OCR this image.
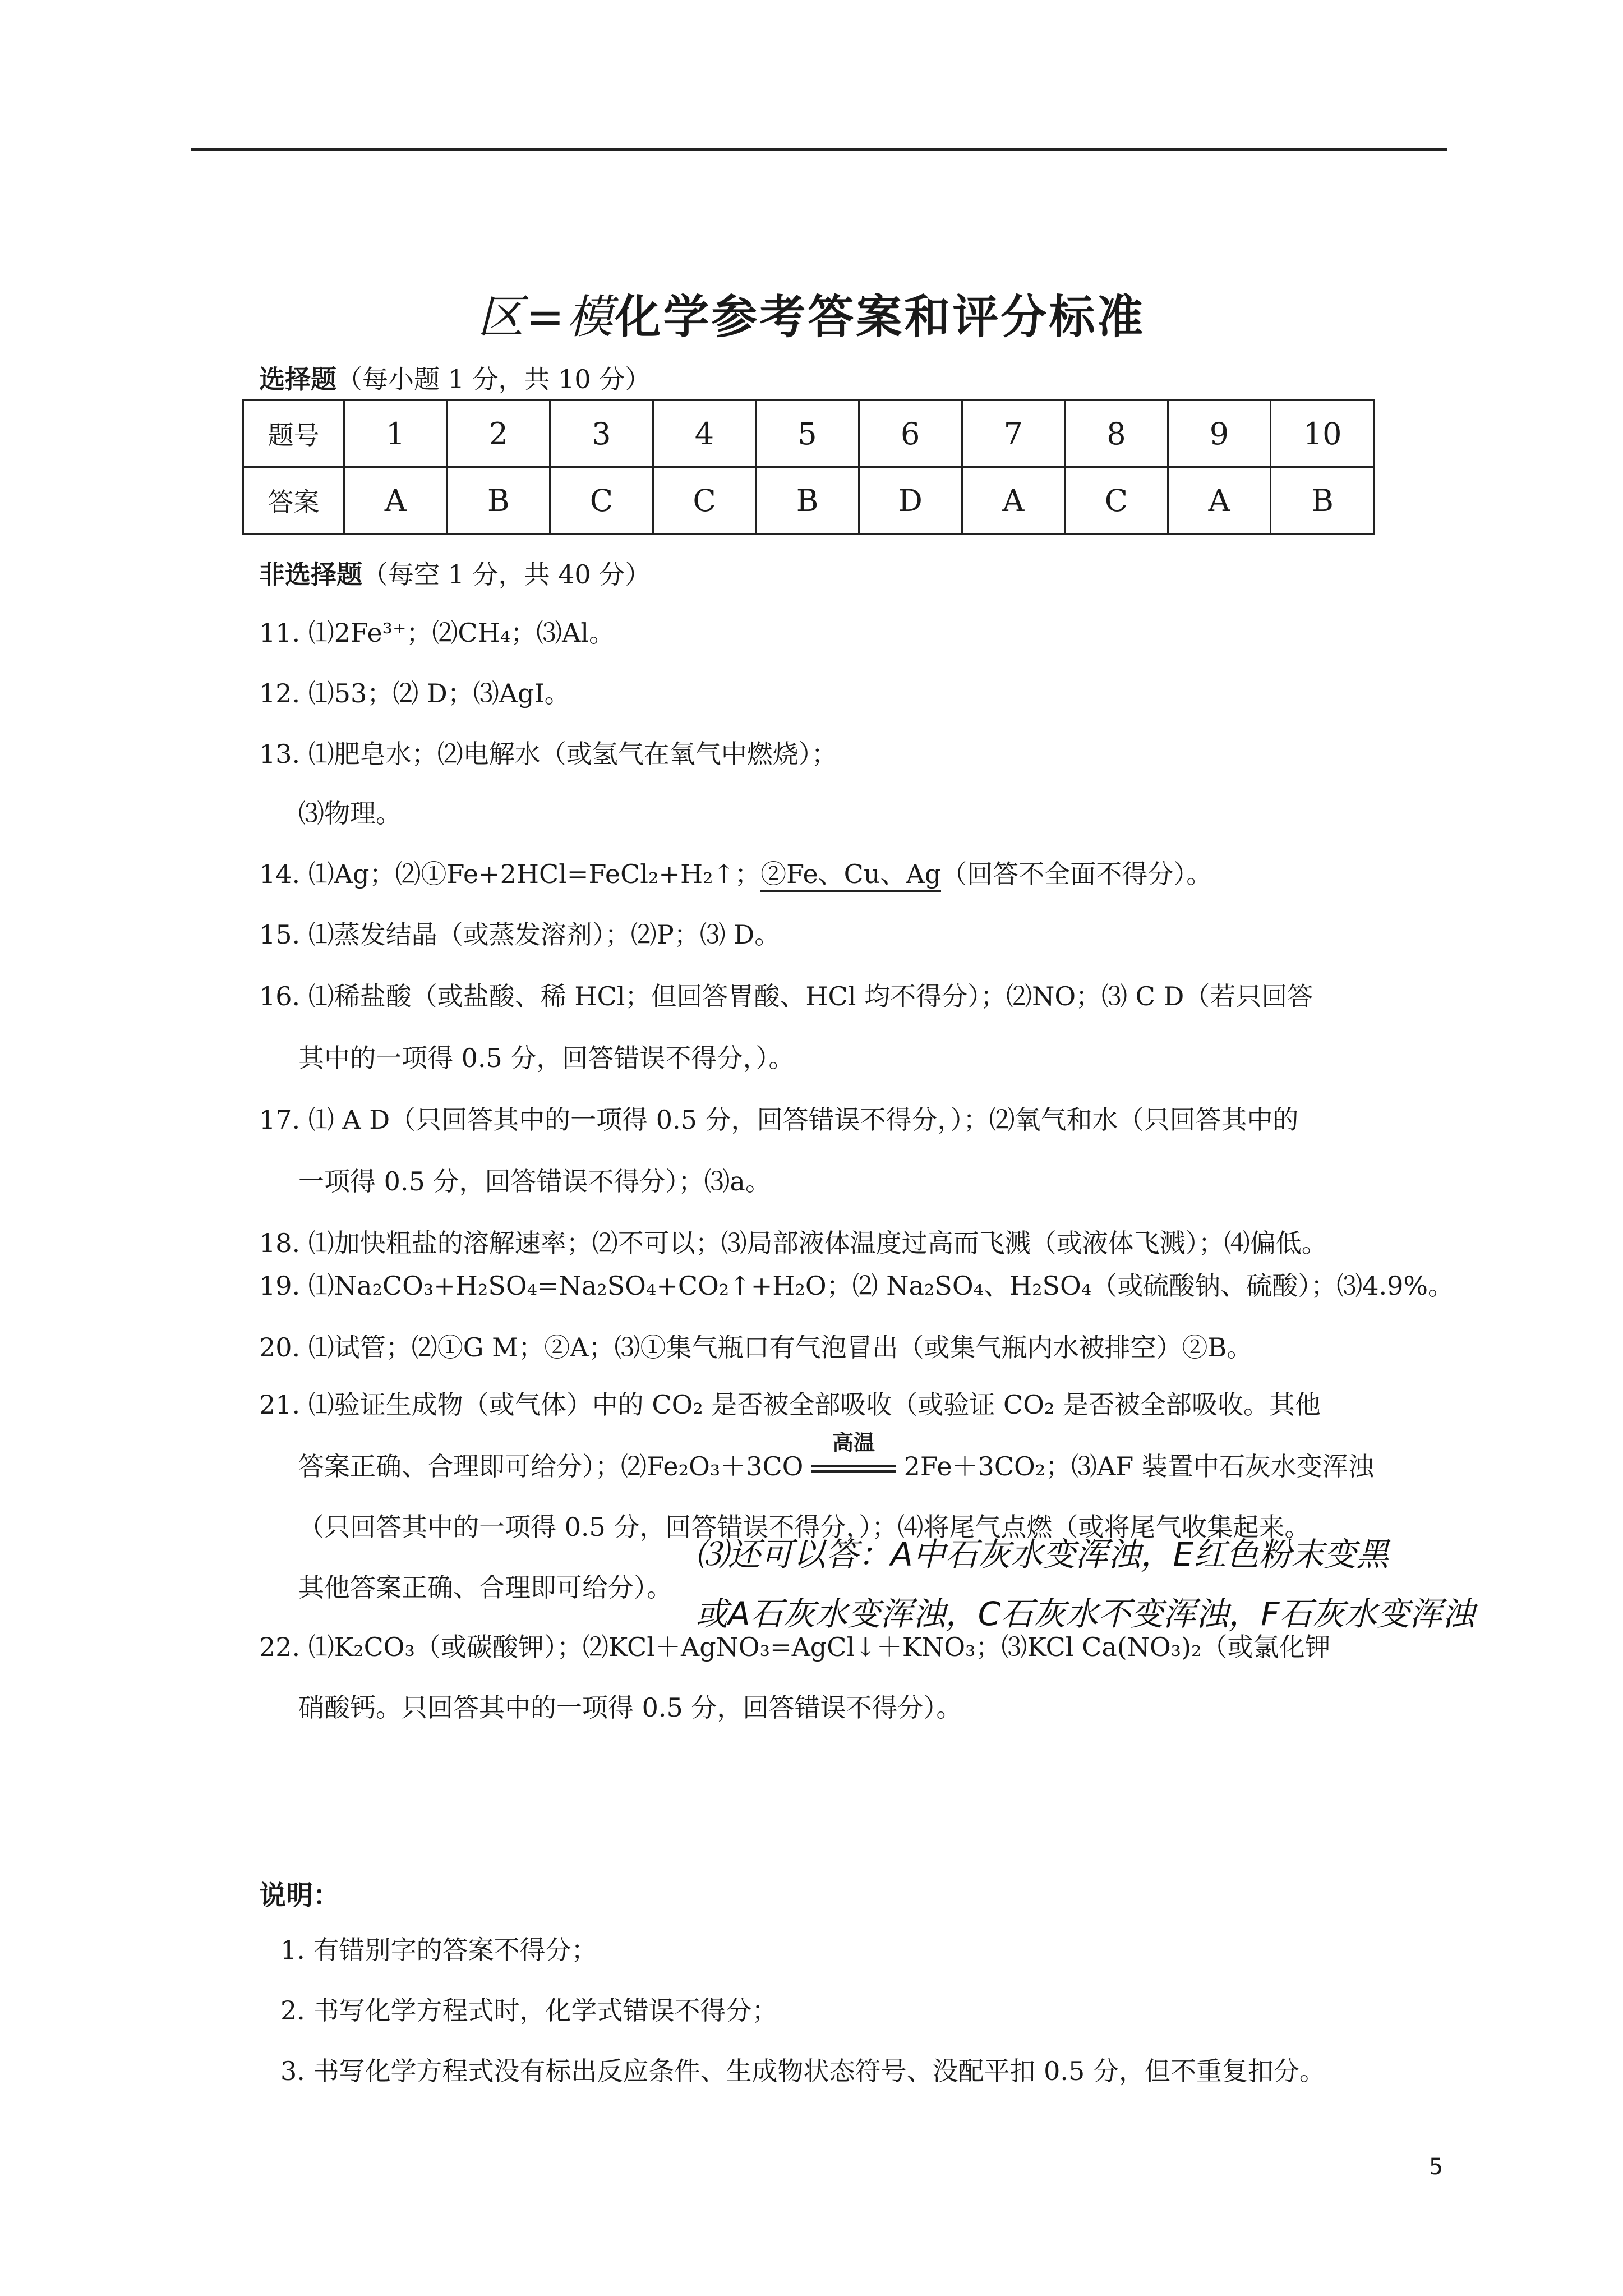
区=模化学参考答案和评分标准
选择题（每小题 1 分，共 10 分）
题号	1	2	3	4	5	6	7	8	9	10
答案	A	B	C	C	B	D	A	C	A	B
非选择题（每空 1 分，共 40 分）
11. ⑴2Fe³⁺；⑵CH₄；⑶Al。
12. ⑴53；⑵ D；⑶AgI。
13. ⑴肥皂水；⑵电解水（或氢气在氧气中燃烧）；
⑶物理。
14. ⑴Ag；⑵①Fe+2HCl=FeCl₂+H₂↑；②Fe、Cu、Ag（回答不全面不得分）。
15. ⑴蒸发结晶（或蒸发溶剂）；⑵P；⑶ D。
16. ⑴稀盐酸（或盐酸、稀 HCl；但回答胃酸、HCl 均不得分）；⑵NO；⑶ C D（若只回答
其中的一项得 0.5 分，回答错误不得分，）。
17. ⑴ A D（只回答其中的一项得 0.5 分，回答错误不得分，）；⑵氧气和水（只回答其中的
一项得 0.5 分，回答错误不得分）；⑶a。
18. ⑴加快粗盐的溶解速率；⑵不可以；⑶局部液体温度过高而飞溅（或液体飞溅）；⑷偏低。
19. ⑴Na₂CO₃+H₂SO₄=Na₂SO₄+CO₂↑+H₂O；⑵ Na₂SO₄、H₂SO₄（或硫酸钠、硫酸）；⑶4.9%。
20. ⑴试管；⑵①G M；②A；⑶①集气瓶口有气泡冒出（或集气瓶内水被排空）②B。
21. ⑴验证生成物（或气体）中的 CO₂ 是否被全部吸收（或验证 CO₂ 是否被全部吸收。其他
答案正确、合理即可给分）；⑵Fe₂O₃＋3CO
高温
2Fe＋3CO₂；⑶AF 装置中石灰水变浑浊
（只回答其中的一项得 0.5 分，回答错误不得分，）；⑷将尾气点燃（或将尾气收集起来。
其他答案正确、合理即可给分）。
⑶还可以答：A中石灰水变浑浊，E红色粉末变黑
或A石灰水变浑浊，C石灰水不变浑浊，F石灰水变浑浊
22. ⑴K₂CO₃（或碳酸钾）；⑵KCl＋AgNO₃=AgCl↓＋KNO₃；⑶KCl Ca(NO₃)₂（或氯化钾
硝酸钙。只回答其中的一项得 0.5 分，回答错误不得分）。
说明：
1. 有错别字的答案不得分；
2. 书写化学方程式时，化学式错误不得分；
3. 书写化学方程式没有标出反应条件、生成物状态符号、没配平扣 0.5 分，但不重复扣分。
5
